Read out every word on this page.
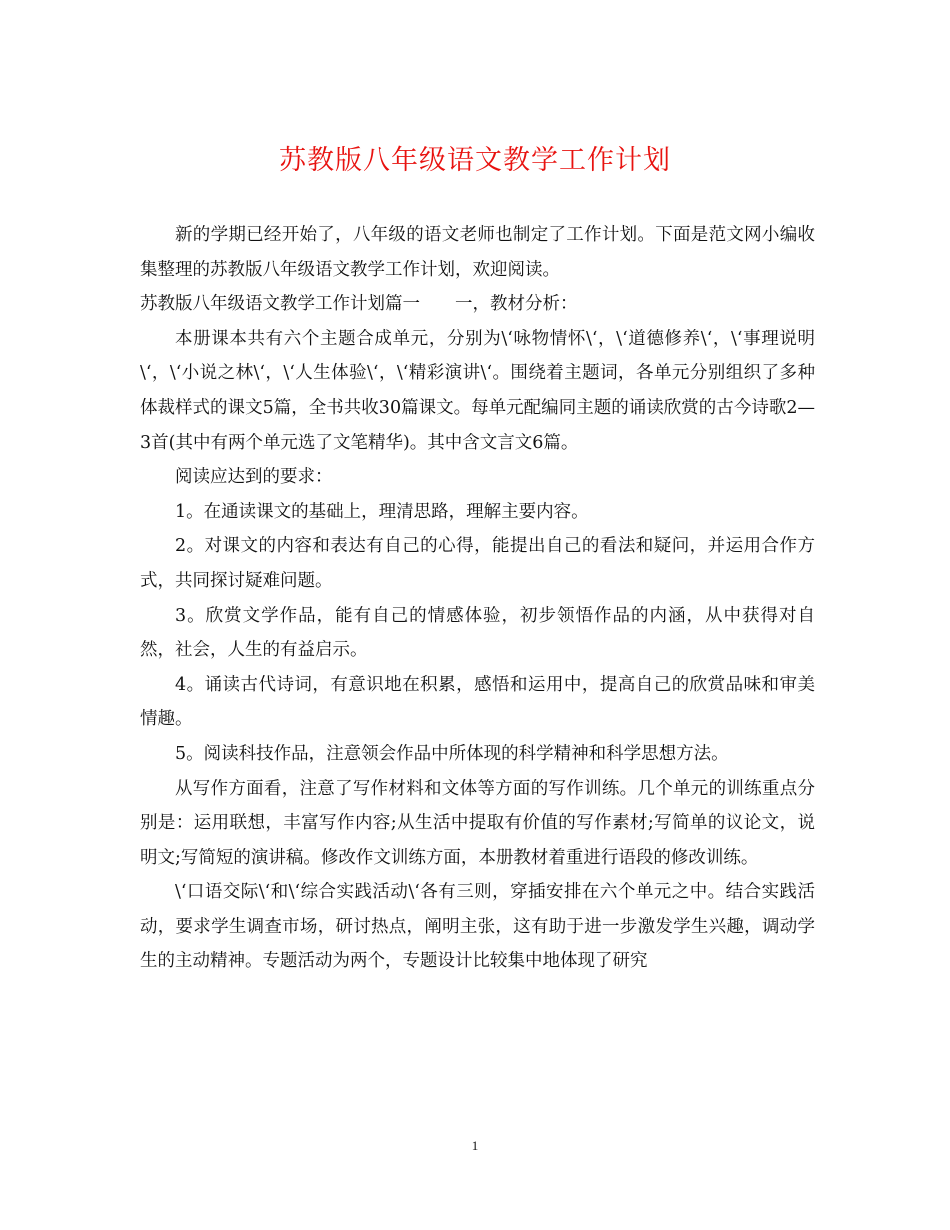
苏教版八年级语文教学工作计划

新的学期已经开始了，八年级的语文老师也制定了工作计划。下面是范文网小编收集整理的苏教版八年级语文教学工作计划，欢迎阅读。

苏教版八年级语文教学工作计划篇一　　一，教材分析：

本册课本共有六个主题合成单元，分别为\‘咏物情怀\‘，\‘道德修养\‘，\‘事理说明\‘，\‘小说之林\‘，\‘人生体验\‘，\‘精彩演讲\‘。围绕着主题词，各单元分别组织了多种体裁样式的课文5篇，全书共收30篇课文。每单元配编同主题的诵读欣赏的古今诗歌2—3首(其中有两个单元选了文笔精华)。其中含文言文6篇。

阅读应达到的要求：

1。在通读课文的基础上，理清思路，理解主要内容。

2。对课文的内容和表达有自己的心得，能提出自己的看法和疑问，并运用合作方式，共同探讨疑难问题。

3。欣赏文学作品，能有自己的情感体验，初步领悟作品的内涵，从中获得对自然，社会，人生的有益启示。

4。诵读古代诗词，有意识地在积累，感悟和运用中，提高自己的欣赏品味和审美情趣。

5。阅读科技作品，注意领会作品中所体现的科学精神和科学思想方法。

从写作方面看，注意了写作材料和文体等方面的写作训练。几个单元的训练重点分别是：运用联想，丰富写作内容;从生活中提取有价值的写作素材;写简单的议论文，说明文;写简短的演讲稿。修改作文训练方面，本册教材着重进行语段的修改训练。

\‘口语交际\‘和\‘综合实践活动\‘各有三则，穿插安排在六个单元之中。结合实践活动，要求学生调查市场，研讨热点，阐明主张，这有助于进一步激发学生兴趣，调动学生的主动精神。专题活动为两个，专题设计比较集中地体现了研究

1
